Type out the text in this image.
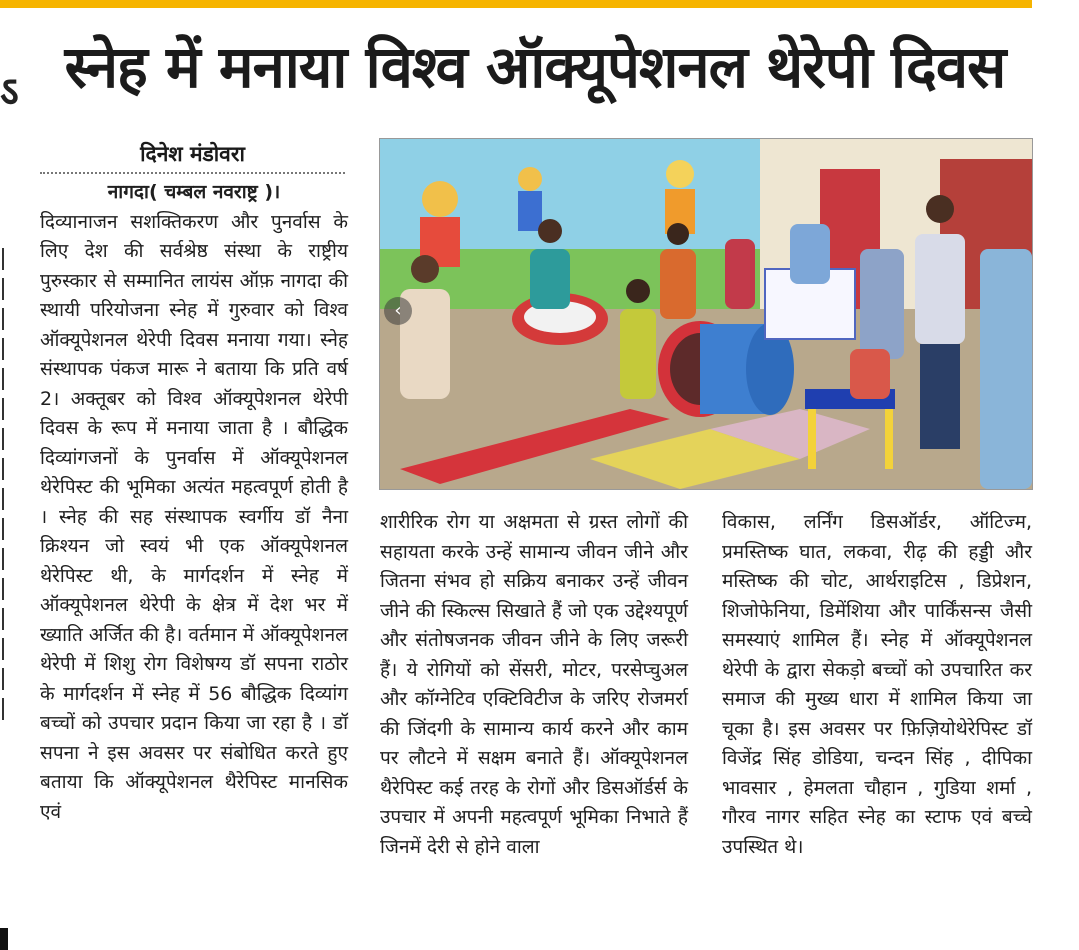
ऽ स्नेह में मनाया विश्व ऑक्यूपेशनल थेरेपी दिवस
दिनेश मंडोवरा
नागदा( चम्बल नवराष्ट्र )।
दिव्यानाजन सशक्तिकरण और पुनर्वास के लिए देश की सर्वश्रेष्ठ संस्था के राष्ट्रीय पुरुस्कार से सम्मानित लायंस ऑफ़ नागदा की स्थायी परियोजना स्नेह में गुरुवार को विश्व ऑक्यूपेशनल थेरेपी दिवस मनाया गया। स्नेह संस्थापक पंकज मारू ने बताया कि प्रति वर्ष 2। अक्तूबर को विश्व ऑक्यूपेशनल थेरेपी दिवस के रूप में मनाया जाता है । बौद्धिक दिव्यांगजनों के पुनर्वास में ऑक्यूपेशनल थेरेपिस्ट की भूमिका अत्यंत महत्वपूर्ण होती है । स्नेह की सह संस्थापक स्वर्गीय डॉ नैना क्रिश्यन जो स्वयं भी एक ऑक्यूपेशनल थेरेपिस्ट थी, के मार्गदर्शन में स्नेह में ऑक्यूपेशनल थेरेपी के क्षेत्र में देश भर में ख्याति अर्जित की है। वर्तमान में ऑक्यूपेशनल थेरेपी में शिशु रोग विशेषग्य डॉ सपना राठोर के मार्गदर्शन में स्नेह में 56 बौद्धिक दिव्यांग बच्चों को उपचार प्रदान किया जा रहा है । डॉ सपना ने इस अवसर पर संबोधित करते हुए बताया कि ऑक्यूपेशनल थैरेपिस्ट मानसिक एवं
‹
शारीरिक रोग या अक्षमता से ग्रस्त लोगों की सहायता करके उन्हें सामान्य जीवन जीने और जितना संभव हो सक्रिय बनाकर उन्हें जीवन जीने की स्किल्स सिखाते हैं जो एक उद्देश्यपूर्ण और संतोषजनक जीवन जीने के लिए जरूरी हैं। ये रोगियों को सेंसरी, मोटर, परसेप्चुअल और कॉग्नेटिव एक्टिविटीज के जरिए रोजमर्रा की जिंदगी के सामान्य कार्य करने और काम पर लौटने में सक्षम बनाते हैं। ऑक्यूपेशनल थैरेपिस्ट कई तरह के रोगों और डिसऑर्डर्स के उपचार में अपनी महत्वपूर्ण भूमिका निभाते हैं जिनमें देरी से होने वाला
विकास, लर्निंग डिसऑर्डर, ऑटिज्म, प्रमस्तिष्क घात, लकवा, रीढ़ की हड्डी और मस्तिष्क की चोट, आर्थराइटिस , डिप्रेशन, शिजोफेनिया, डिमेंशिया और पार्किंसन्स जैसी समस्याएं शामिल हैं। स्नेह में ऑक्यूपेशनल थेरेपी के द्वारा सेकड़ो बच्चों को उपचारित कर समाज की मुख्य धारा में शामिल किया जा चूका है। इस अवसर पर फ़िज़ियोथेरेपिस्ट डॉ विजेंद्र सिंह डोडिया, चन्दन सिंह , दीपिका भावसार , हेमलता चौहान , गुडिया शर्मा , गौरव नागर सहित स्नेह का स्टाफ एवं बच्चे उपस्थित थे।
